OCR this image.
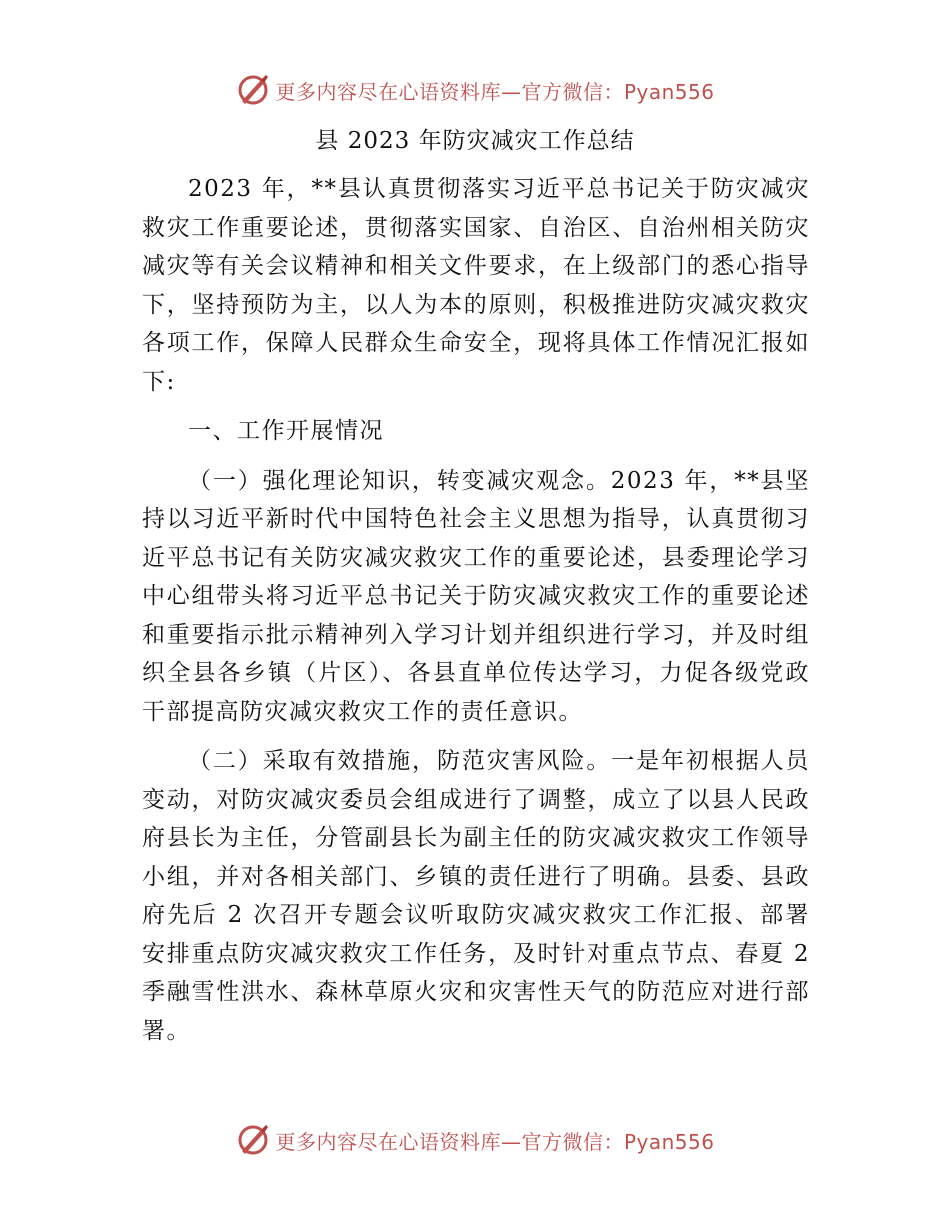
更多内容尽在心语资料库—官方微信：Pyan556
县 2023 年防灾减灾工作总结

2023 年，**县认真贯彻落实习近平总书记关于防灾减灾救灾工作重要论述，贯彻落实国家、自治区、自治州相关防灾减灾等有关会议精神和相关文件要求，在上级部门的悉心指导下，坚持预防为主，以人为本的原则，积极推进防灾减灾救灾各项工作，保障人民群众生命安全，现将具体工作情况汇报如下:

一、工作开展情况

（一）强化理论知识，转变减灾观念。2023 年，**县坚持以习近平新时代中国特色社会主义思想为指导，认真贯彻习近平总书记有关防灾减灾救灾工作的重要论述，县委理论学习中心组带头将习近平总书记关于防灾减灾救灾工作的重要论述和重要指示批示精神列入学习计划并组织进行学习，并及时组织全县各乡镇（片区）、各县直单位传达学习，力促各级党政干部提高防灾减灾救灾工作的责任意识。

（二）采取有效措施，防范灾害风险。一是年初根据人员变动，对防灾减灾委员会组成进行了调整，成立了以县人民政府县长为主任，分管副县长为副主任的防灾减灾救灾工作领导小组，并对各相关部门、乡镇的责任进行了明确。县委、县政府先后 2 次召开专题会议听取防灾减灾救灾工作汇报、部署安排重点防灾减灾救灾工作任务，及时针对重点节点、春夏 2 季融雪性洪水、森林草原火灾和灾害性天气的防范应对进行部署。

更多内容尽在心语资料库—官方微信：Pyan556
